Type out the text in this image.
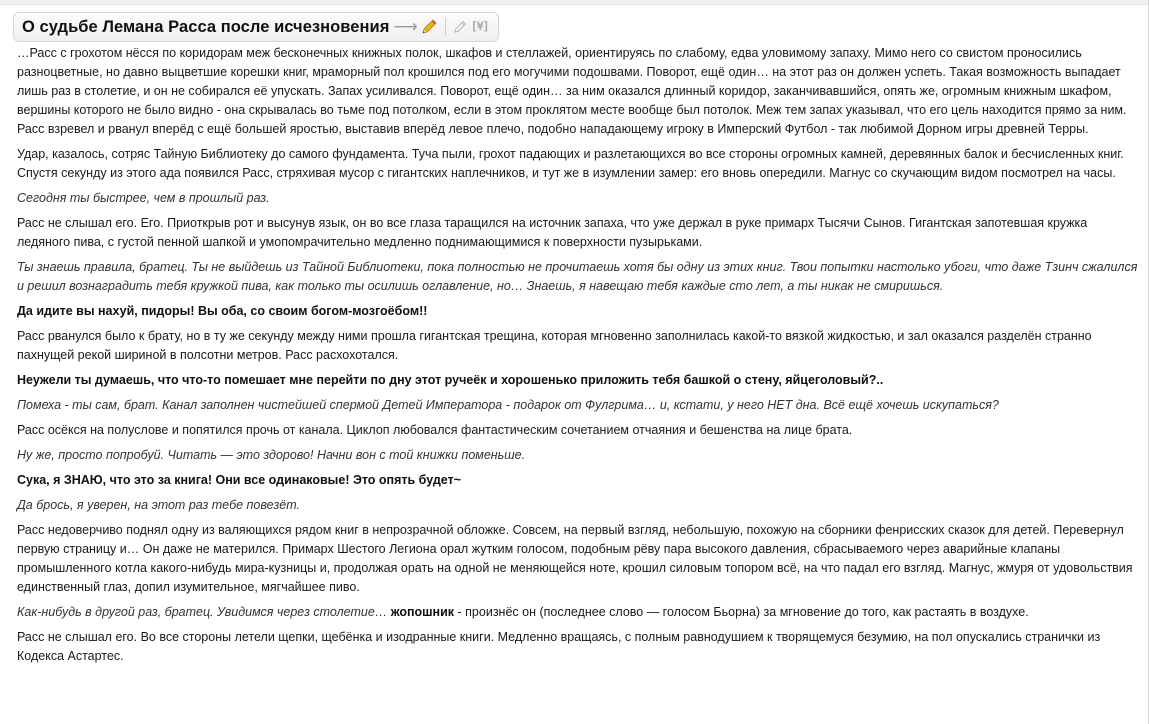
О судьбе Лемана Расса после исчезновения ⟶	[¥]

…Расс с грохотом нёсся по коридорам меж бесконечных книжных полок, шкафов и стеллажей, ориентируясь по слабому, едва уловимому запаху. Мимо него со свистом проносились разноцветные, но давно выцветшие корешки книг, мраморный пол крошился под его могучими подошвами. Поворот, ещё один… на этот раз он должен успеть. Такая возможность выпадает лишь раз в столетие, и он не собирался её упускать. Запах усиливался. Поворот, ещё один… за ним оказался длинный коридор, заканчивавшийся, опять же, огромным книжным шкафом, вершины которого не было видно - она скрывалась во тьме под потолком, если в этом проклятом месте вообще был потолок. Меж тем запах указывал, что его цель находится прямо за ним. Расс взревел и рванул вперёд с ещё большей яростью, выставив вперёд левое плечо, подобно нападающему игроку в Имперский Футбол - так любимой Дорном игры древней Терры.

Удар, казалось, сотряс Тайную Библиотеку до самого фундамента. Туча пыли, грохот падающих и разлетающихся во все стороны огромных камней, деревянных балок и бесчисленных книг. Спустя секунду из этого ада появился Расс, стряхивая мусор с гигантских наплечников, и тут же в изумлении замер: его вновь опередили. Магнус со скучающим видом посмотрел на часы.

Сегодня ты быстрее, чем в прошлый раз.

Расс не слышал его. Его. Приоткрыв рот и высунув язык, он во все глаза таращился на источник запаха, что уже держал в руке примарх Тысячи Сынов. Гигантская запотевшая кружка ледяного пива, с густой пенной шапкой и умопомрачительно медленно поднимающимися к поверхности пузырьками.

Ты знаешь правила, братец. Ты не выйдешь из Тайной Библиотеки, пока полностью не прочитаешь хотя бы одну из этих книг. Твои попытки настолько убоги, что даже Тзинч сжалился и решил вознаградить тебя кружкой пива, как только ты осилишь оглавление, но… Знаешь, я навещаю тебя каждые сто лет, а ты никак не смиришься.

Да идите вы нахуй, пидоры! Вы оба, со своим богом-мозгоёбом!!

Расс рванулся было к брату, но в ту же секунду между ними прошла гигантская трещина, которая мгновенно заполнилась какой-то вязкой жидкостью, и зал оказался разделён странно пахнущей рекой шириной в полсотни метров. Расс расхохотался.

Неужели ты думаешь, что что-то помешает мне перейти по дну этот ручеёк и хорошенько приложить тебя башкой о стену, яйцеголовый?..

Помеха - ты сам, брат. Канал заполнен чистейшей спермой Детей Императора - подарок от Фулгрима… и, кстати, у него НЕТ дна. Всё ещё хочешь искупаться?

Расс осёкся на полуслове и попятился прочь от канала. Циклоп любовался фантастическим сочетанием отчаяния и бешенства на лице брата.

Ну же, просто попробуй. Читать — это здорово! Начни вон с той книжки поменьше.

Сука, я ЗНАЮ, что это за книга! Они все одинаковые! Это опять будет~

Да брось, я уверен, на этот раз тебе повезёт.

Расс недоверчиво поднял одну из валяющихся рядом книг в непрозрачной обложке. Совсем, на первый взгляд, небольшую, похожую на сборники фенрисских сказок для детей. Перевернул первую страницу и… Он даже не матерился. Примарх Шестого Легиона орал жутким голосом, подобным рёву пара высокого давления, сбрасываемого через аварийные клапаны промышленного котла какого-нибудь мира-кузницы и, продолжая орать на одной не меняющейся ноте, крошил силовым топором всё, на что падал его взгляд. Магнус, жмуря от удовольствия единственный глаз, допил изумительное, мягчайшее пиво.

Как-нибудь в другой раз, братец. Увидимся через столетие… жопошник - произнёс он (последнее слово — голосом Бьорна) за мгновение до того, как растаять в воздухе.

Расс не слышал его. Во все стороны летели щепки, щебёнка и изодранные книги. Медленно вращаясь, с полным равнодушием к творящемуся безумию, на пол опускались странички из Кодекса Астартес.
